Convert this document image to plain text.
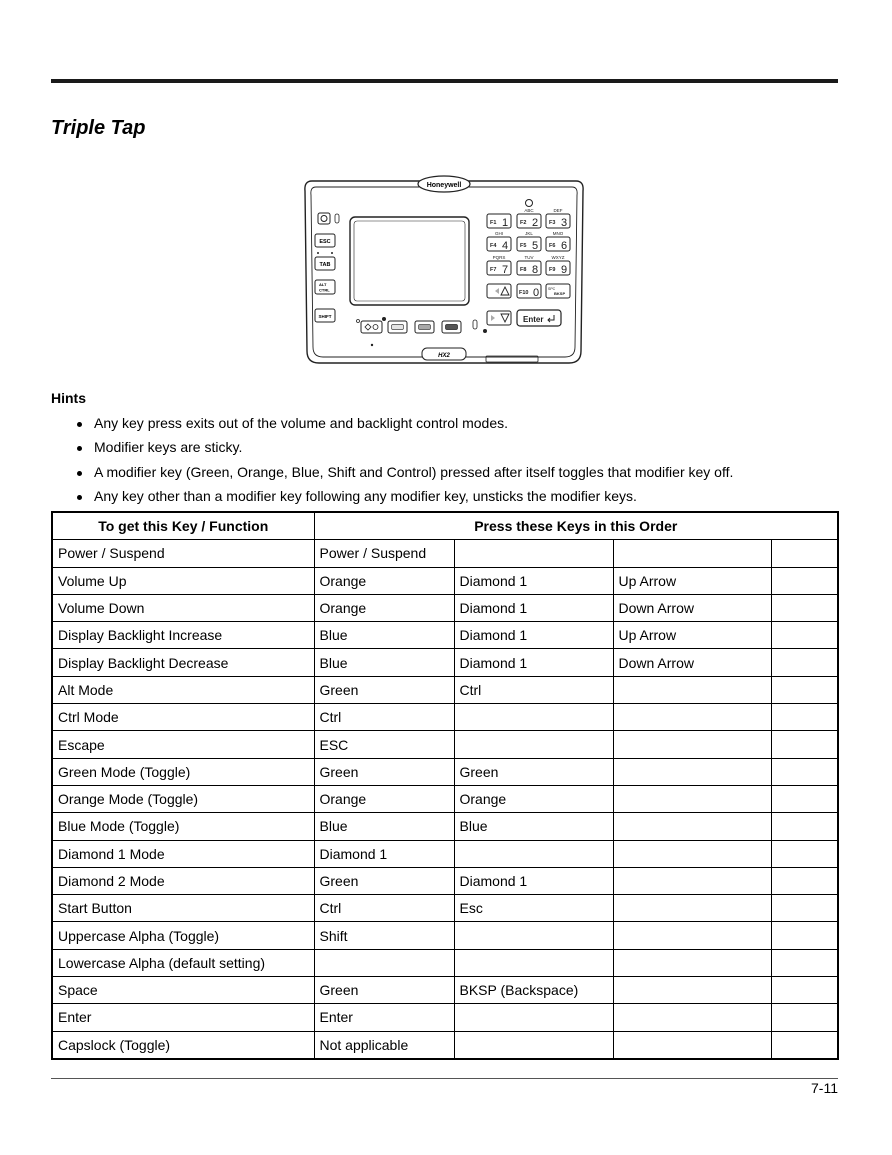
Triple Tap
Honeywell
HX2
ESC
TAB
ALT
CTRL
SHIFT
F1 1
ABC
F2 2
DEF
F3 3
GHI	JKL	MNO
F4 4 F5 5 F6 6
PQRS	TUV	WXYZ
F7 7 F8 8 F9 9
F10 0	SPC
BKSP
Enter
Hints
Any key press exits out of the volume and backlight control modes.
Modifier keys are sticky.
A modifier key (Green, Orange, Blue, Shift and Control) pressed after itself toggles that modifier key off.
Any key other than a modifier key following any modifier key, unsticks the modifier keys.
To get this Key / Function	Press these Keys in this Order			
Power / Suspend	Power / Suspend			
Volume Up	Orange	Diamond 1	Up Arrow	
Volume Down	Orange	Diamond 1	Down Arrow	
Display Backlight Increase	Blue	Diamond 1	Up Arrow	
Display Backlight Decrease	Blue	Diamond 1	Down Arrow	
Alt Mode	Green	Ctrl		
Ctrl Mode	Ctrl			
Escape	ESC			
Green Mode (Toggle)	Green	Green		
Orange Mode (Toggle)	Orange	Orange		
Blue Mode (Toggle)	Blue	Blue		
Diamond 1 Mode	Diamond 1			
Diamond 2 Mode	Green	Diamond 1		
Start Button	Ctrl	Esc		
Uppercase Alpha (Toggle)	Shift			
Lowercase Alpha (default setting)				
Space	Green	BKSP (Backspace)		
Enter	Enter			
Capslock (Toggle)	Not applicable			
7-11
